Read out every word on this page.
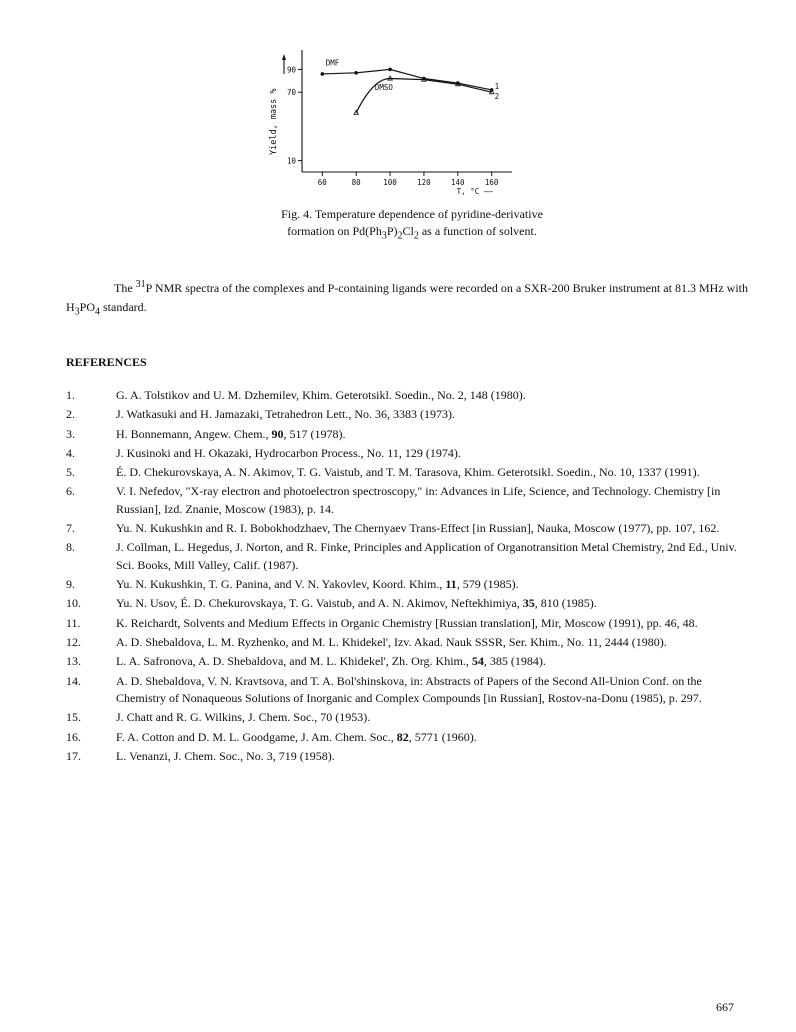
60	80	100	120	140	160
10
70
90
Yield, mass %
T, °C ——
DMF
1
DMSO
2
Fig. 4. Temperature dependence of pyridine-derivative
formation on $Pd(Ph_3P)_2Cl_2$ as a function of solvent.

The $^{31}$P NMR spectra of the complexes and P-containing ligands were recorded on a SXR-200 Bruker instrument at 81.3 MHz with $H_3PO_4$ standard.

REFERENCES
1.	G. A. Tolstikov and U. M. Dzhemilev, Khim. Geterotsikl. Soedin., No. 2, 148 (1980).
2.	J. Watkasuki and H. Jamazaki, Tetrahedron Lett., No. 36, 3383 (1973).
3.	H. Bonnemann, Angew. Chem., 90, 517 (1978).
4.	J. Kusinoki and H. Okazaki, Hydrocarbon Process., No. 11, 129 (1974).
5.	É. D. Chekurovskaya, A. N. Akimov, T. G. Vaistub, and T. M. Tarasova, Khim. Geterotsikl. Soedin., No. 10, 1337 (1991).
6.	V. I. Nefedov, "X-ray electron and photoelectron spectroscopy," in: Advances in Life, Science, and Technology. Chemistry [in Russian], Izd. Znanie, Moscow (1983), p. 14.
7.	Yu. N. Kukushkin and R. I. Bobokhodzhaev, The Chernyaev Trans-Effect [in Russian], Nauka, Moscow (1977), pp. 107, 162.
8.	J. Collman, L. Hegedus, J. Norton, and R. Finke, Principles and Application of Organotransition Metal Chemistry, 2nd Ed., Univ. Sci. Books, Mill Valley, Calif. (1987).
9.	Yu. N. Kukushkin, T. G. Panina, and V. N. Yakovlev, Koord. Khim., 11, 579 (1985).
10.	Yu. N. Usov, É. D. Chekurovskaya, T. G. Vaistub, and A. N. Akimov, Neftekhimiya, 35, 810 (1985).
11.	K. Reichardt, Solvents and Medium Effects in Organic Chemistry [Russian translation], Mir, Moscow (1991), pp. 46, 48.
12.	A. D. Shebaldova, L. M. Ryzhenko, and M. L. Khidekel', Izv. Akad. Nauk SSSR, Ser. Khim., No. 11, 2444 (1980).
13.	L. A. Safronova, A. D. Shebaldova, and M. L. Khidekel', Zh. Org. Khim., 54, 385 (1984).
14.	A. D. Shebaldova, V. N. Kravtsova, and T. A. Bol'shinskova, in: Abstracts of Papers of the Second All-Union Conf. on the Chemistry of Nonaqueous Solutions of Inorganic and Complex Compounds [in Russian], Rostov-na-Donu (1985), p. 297.
15.	J. Chatt and R. G. Wilkins, J. Chem. Soc., 70 (1953).
16.	F. A. Cotton and D. M. L. Goodgame, J. Am. Chem. Soc., 82, 5771 (1960).
17.	L. Venanzi, J. Chem. Soc., No. 3, 719 (1958).
667
